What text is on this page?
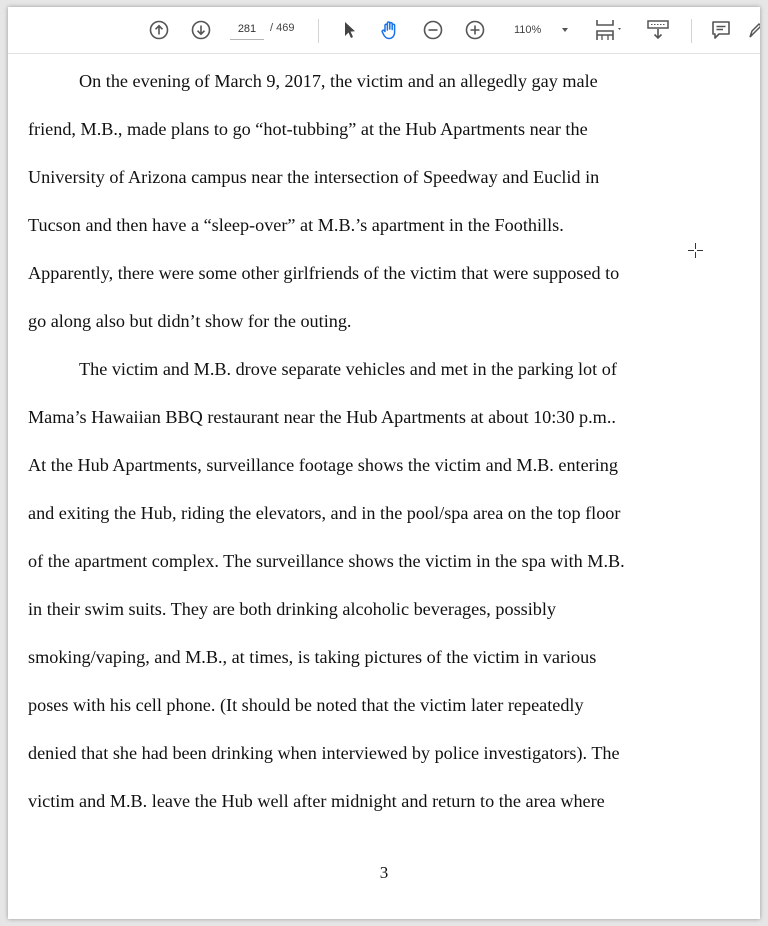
281
/ 469	110%
On the evening of March 9, 2017, the victim and an allegedly gay male
friend, M.B., made plans to go “hot-tubbing” at the Hub Apartments near the
University of Arizona campus near the intersection of Speedway and Euclid in
Tucson and then have a “sleep-over” at M.B.’s apartment in the Foothills.
Apparently, there were some other girlfriends of the victim that were supposed to
go along also but didn’t show for the outing.
The victim and M.B. drove separate vehicles and met in the parking lot of
Mama’s Hawaiian BBQ restaurant near the Hub Apartments at about 10:30 p.m..
At the Hub Apartments, surveillance footage shows the victim and M.B. entering
and exiting the Hub, riding the elevators, and in the pool/spa area on the top floor
of the apartment complex. The surveillance shows the victim in the spa with M.B.
in their swim suits. They are both drinking alcoholic beverages, possibly
smoking/vaping, and M.B., at times, is taking pictures of the victim in various
poses with his cell phone. (It should be noted that the victim later repeatedly
denied that she had been drinking when interviewed by police investigators). The
victim and M.B. leave the Hub well after midnight and return to the area where
3
